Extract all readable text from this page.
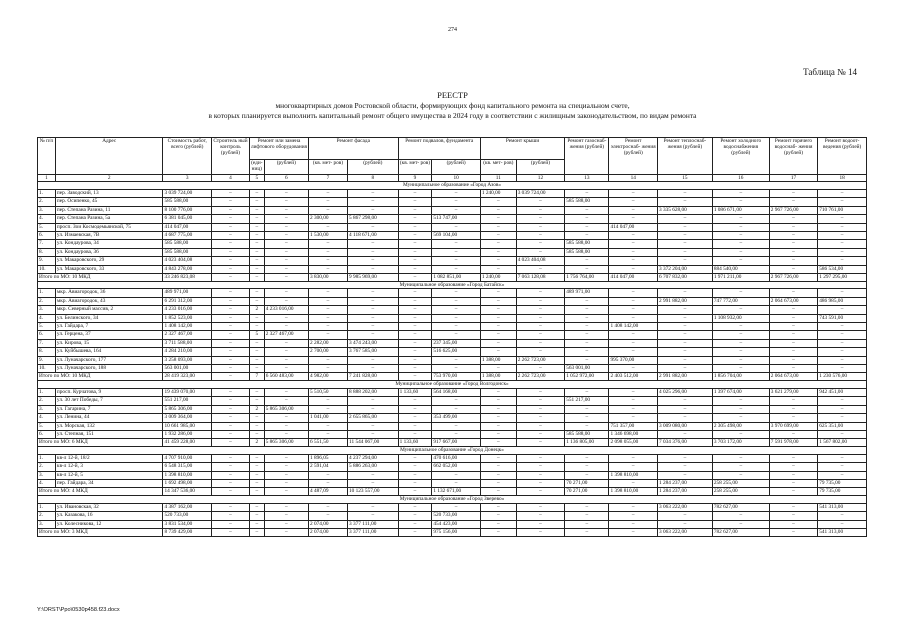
274
Таблица № 14
РЕЕСТР
многоквартирных домов Ростовской области, формирующих фонд капитального ремонта на специальном счете,
в которых планируется выполнить капитальный ремонт общего имущества в 2024 году в соответствии с жилищным законодательством, по видам ремонта
№ п/п	Адрес	Стоимость работ, всего (рублей)	Строитель ный контроль (рублей)	Ремонт или замена лифтового оборудования		Ремонт фасада		Ремонт подвалов, фундамента		Ремонт крыши		Ремонт газоснаб- жения (рублей)	Ремонт электроснаб- жения (рублей)	Ремонт теплоснаб- жения (рублей)	Ремонт холодного водоснабжения (рублей)	Ремонт горячего водоснаб- жения (рублей)	Ремонт водоот- ведения (рублей)
				(еди- ниц)	(рублей)	(кв. мет- ров)	(рублей)	(кв. мет- ров)	(рублей)	(кв. мет- ров)	(рублей)						
1	2	3	4	5	6	7	8	9	10	11	12	13	14	15	16	17	18
Муниципальное образование «Город Азов»																	
1.	пер. Заводский, 13	3 039 724,00	–	–	–	–	–	–	–	1 240,00	3 039 724,00	–	–	–	–	–	–
2.	пер. Осипенко, 45	585 588,00	–	–	–	–	–	–	–	–	–	585 588,00	–	–	–	–	–
3.	пер. Степана Разина, 11	8 100 776,00	–	–	–	–	–	–	–	–	–	–	–	3 335 628,00	1 086 671,00	2 967 726,00	710 761,00
4.	пер. Степана Разина, 5а	6 381 045,00	–	–	–	2 300,00	5 867 298,00	–	513 747,00	–	–	–	–	–	–	–	–
5.	просп. Зои Космодемьянской, 75	414 047,00	–	–	–	–	–	–	–	–	–	–	414 047,00	–	–	–	–
6.	ул. Измаевская, 7В	4 687 775,00	–	–	–	1 530,00	4 118 671,00	–	569 104,00	–	–	–	–	–	–	–	–
7.	ул. Кондаурова, 34	585 588,00	–	–	–	–	–	–	–	–	–	585 588,00	–	–	–	–	–
8.	ул. Кондаурова, 36	585 588,00	–	–	–	–	–	–	–	–	–	585 588,00	–	–	–	–	–
9.	ул. Макаровского, 29	4 023 404,08	–	–	–	–	–	–	–	–	4 023 404,08	–	–	–	–	–	–
10.	ул. Макаровского, 33	4 843 278,00	–	–	–	–	–	–	–	–	–	–	–	3 372 204,00	884 540,00	–	586 534,00
Итого по МО: 10 МКД		33 246 823,08	–	–	–	3 830,00	9 985 969,00	–	1 082 851,00	1 240,00	7 063 128,08	1 756 764,00	414 047,00	6 707 832,00	1 971 211,00	2 967 726,00	1 297 295,00
Муниципальное образование «Город Батайск»																	
1.	мкр. Авиагородок, 36	489 971,00	–	–	–	–	–	–	–	–	–	489 971,00	–	–	–	–	–
2.	мкр. Авиагородок, 43	6 291 312,00	–	–	–	–	–	–	–	–	–	–	–	2 991 882,00	747 772,00	2 064 673,00	486 985,00
3.	мкр. Северный массив, 2	4 233 016,00	–	2	4 233 016,00	–	–	–	–	–	–	–	–	–	–	–	–
4.	ул. Белинского, 34	1 852 523,00	–	–	–	–	–	–	–	–	–	–	–	–	1 108 932,00	–	743 591,00
5.	ул. Гайдара, 7	1 408 142,00	–	–	–	–	–	–	–	–	–	–	1 408 142,00	–	–	–	–
6.	ул. Герцена, 37	2 327 467,00	–	5	2 327 467,00	–	–	–	–	–	–	–	–	–	–	–	–
7.	ул. Кирова, 15	3 711 588,00	–	–	–	2 282,00	3 474 243,00	–	237 345,00	–	–	–	–	–	–	–	–
8.	ул. Куйбышева, 164	4 284 210,00	–	–	–	2 700,00	3 767 585,00	–	516 625,00	–	–	–	–	–	–	–	–
9.	ул. Луначарского, 177	3 258 093,00	–	–	–	–	–	–	–	1 388,00	2 262 723,00	–	995 370,00	–	–	–	–
10.	ул. Луначарского, 188	563 001,00	–	–	–	–	–	–	–	–	–	563 001,00	–	–	–	–	–
Итого по МО: 10 МКД		28 419 323,00	–	7	6 560 483,00	4 982,00	7 241 828,00	–	753 970,00	1 388,00	2 262 723,00	1 052 972,00	2 403 512,00	2 991 882,00	1 856 704,00	2 064 673,00	1 230 576,00
Муниципальное образование «Город Волгодонск»																	
1.	просп. Курчатова, 9	19 439 070,00	–	–	–	5 510,50	8 888 202,00	1 133,60	564 168,00	–	–	–	–	4 025 296,00	1 397 674,00	3 621 279,00	942 451,00
2.	ул. 30 лет Победы, 7	551 217,00	–	–	–	–	–	–	–	–	–	551 217,00	–	–	–	–	–
3.	ул. Гагарина, 7	5 865 306,00	–	2	5 865 306,00	–	–	–	–	–	–	–	–	–	–	–	–
4.	ул. Ленина, 44	3 009 364,00	–	–	–	1 041,00	2 655 865,00	–	353 499,00	–	–	–	–	–	–	–	–
5.	ул. Морская, 132	10 661 985,00	–	–	–	–	–	–	–	–	–	–	751 357,00	3 009 080,00	2 305 498,00	3 970 699,00	625 351,00
6.	ул. Степная, 151	1 932 286,00	–	–	–	–	–	–	–	–	–	585 588,00	1 346 698,00	–	–	–	–
Итого по МО: 6 МКД		41 459 228,00	–	2	5 865 306,00	6 551,50	11 544 067,00	1 133,60	917 667,00	–	–	1 136 805,00	2 098 055,00	7 034 376,00	3 703 172,00	7 591 978,00	1 567 802,00
Муниципальное образование «Город Донецк»																	
1.	кв-л 12-й, 18/2	4 707 910,00	–	–	–	1 896,05	4 237 294,00	–	470 616,00	–	–	–	–	–	–	–	–
2.	кв-л 12-й, 3	6 548 315,00	–	–	–	2 591,04	5 886 263,00	–	662 052,00	–	–	–	–	–	–	–	–
3.	кв-л 12-й, 5	1 398 810,00	–	–	–	–	–	–	–	–	–	–	1 398 810,00	–	–	–	–
4.	пер. Гайдара, 34	1 692 498,00	–	–	–	–	–	–	–	–	–	70 271,00	–	1 284 237,00	258 255,00	–	79 735,00
Итого по МО: 4 МКД		14 347 536,00	–	–	–	4 487,09	10 123 557,00	–	1 132 671,00	–	–	70 271,00	1 398 810,00	1 284 237,00	258 255,00	–	79 735,00
Муниципальное образование «Город Зверево»																	
1.	ул. Ивановская, 32	4 387 162,00	–	–	–	–	–	–	–	–	–	–	–	3 063 222,00	782 627,00	–	541 313,00
2.	ул. Казакова, 16	520 733,00	–	–	–	–	–	–	520 733,00	–	–	–	–	–	–	–	–
3.	ул. Колесникова, 12	3 831 534,00	–	–	–	2 074,00	3 377 111,00	–	454 423,00	–	–	–	–	–	–	–	–
Итого по МО: 3 МКД		8 739 429,00	–	–	–	2 074,00	3 377 111,00	–	975 156,00	–	–	–	–	3 063 222,00	782 627,00	–	541 313,00
Y:\ORST\Ppo\0530p458.f23.docx
